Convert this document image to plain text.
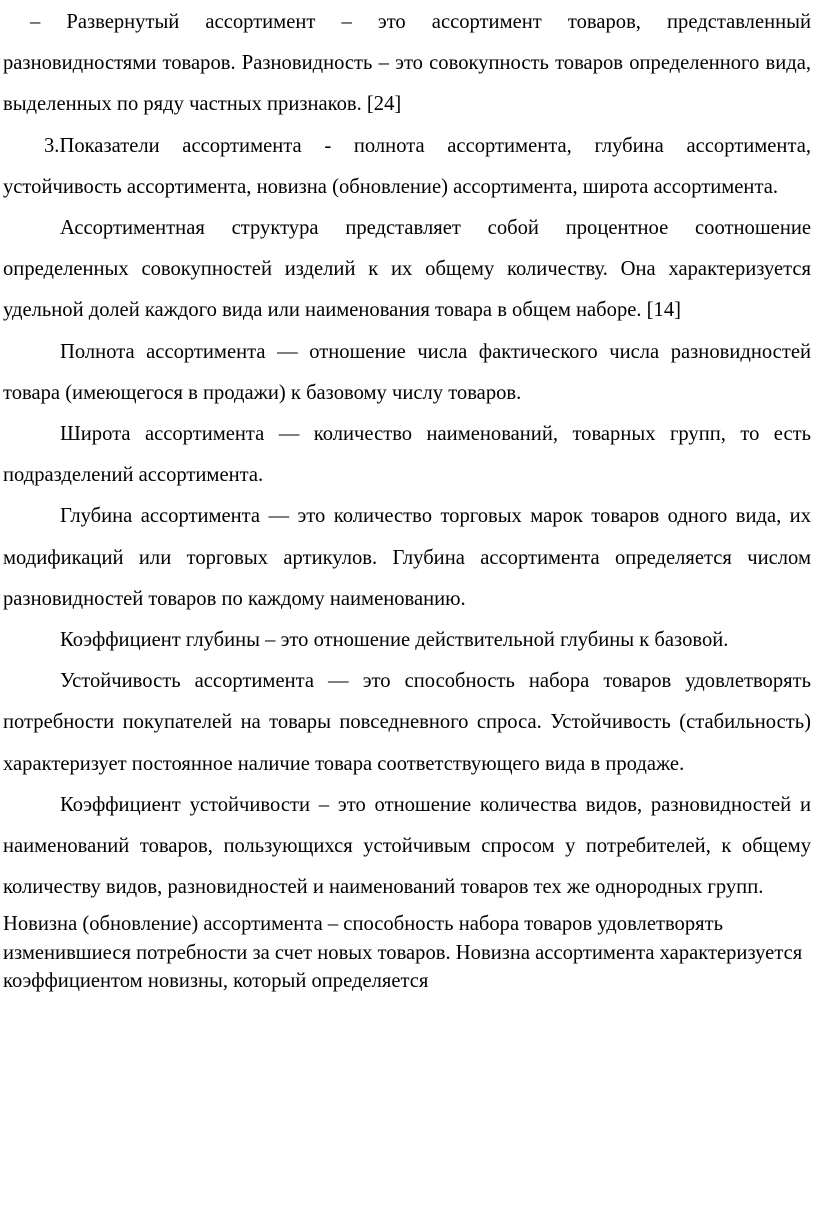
– Развернутый ассортимент – это ассортимент товаров, представленный разновидностями товаров. Разновидность – это совокупность товаров определенного вида, выделенных по ряду частных признаков. [24]

3.Показатели ассортимента - полнота ассортимента, глубина ассортимента, устойчивость ассортимента, новизна (обновление) ассортимента, широта ассортимента.

Ассортиментная структура представляет собой процентное соотношение определенных совокупностей изделий к их общему количеству. Она характеризуется удельной долей каждого вида или наименования товара в общем наборе. [14]

Полнота ассортимента — отношение числа фактического числа разновидностей товара (имеющегося в продажи) к базовому числу товаров.

Широта ассортимента — количество наименований, товарных групп, то есть подразделений ассортимента.

Глубина ассортимента — это количество торговых марок товаров одного вида, их модификаций или торговых артикулов. Глубина ассортимента определяется числом разновидностей товаров по каждому наименованию.

Коэффициент глубины – это отношение действительной глубины к базовой.

Устойчивость ассортимента — это способность набора товаров удовлетворять потребности покупателей на товары повседневного спроса. Устойчивость (стабильность) характеризует постоянное наличие товара соответствующего вида в продаже.

Коэффициент устойчивости – это отношение количества видов, разновидностей и наименований товаров, пользующихся устойчивым спросом у потребителей, к общему количеству видов, разновидностей и наименований товаров тех же однородных групп.

Новизна (обновление) ассортимента – способность набора товаров удовлетворять изменившиеся потребности за счет новых товаров. Новизна ассортимента характеризуется коэффициентом новизны, который определяется
